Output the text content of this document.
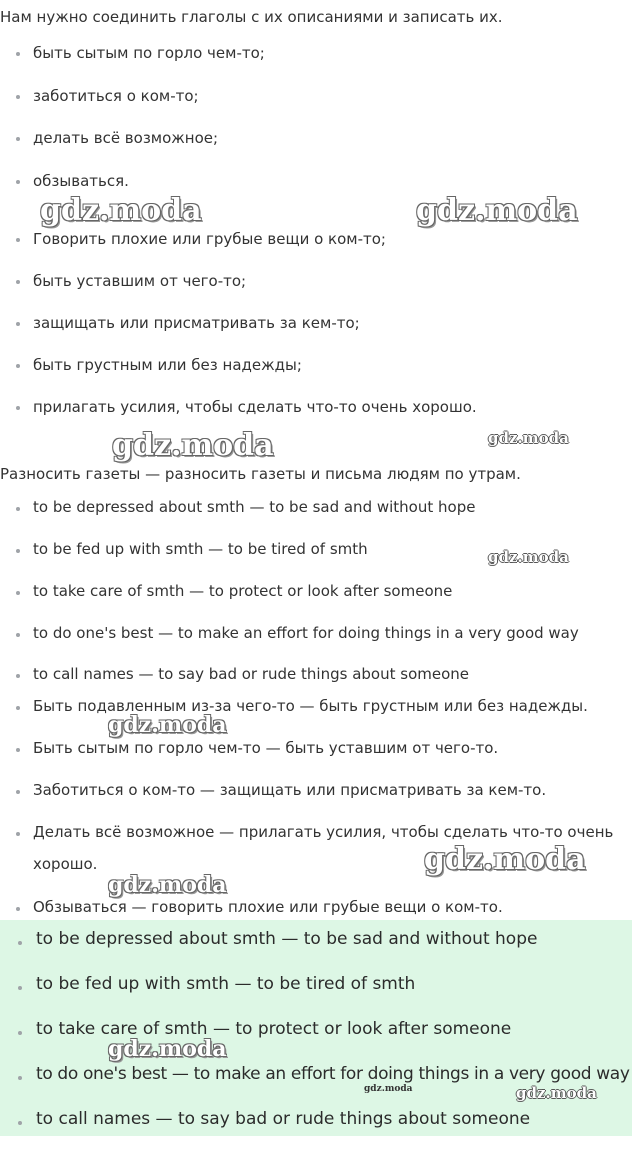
Нам нужно соединить глаголы с их описаниями и записать их.
быть сытым по горло чем-то;
заботиться о ком-то;
делать всё возможное;
обзываться.
Говорить плохие или грубые вещи о ком-то;
быть уставшим от чего-то;
защищать или присматривать за кем-то;
быть грустным или без надежды;
прилагать усилия, чтобы сделать что-то очень хорошо.
Разносить газеты — разносить газеты и письма людям по утрам.
to be depressed about smth — to be sad and without hope
to be fed up with smth — to be tired of smth
to take care of smth — to protect or look after someone
to do one's best — to make an effort for doing things in a very good way
to call names — to say bad or rude things about someone
Быть подавленным из-за чего-то — быть грустным или без надежды.
Быть сытым по горло чем-то — быть уставшим от чего-то.
Заботиться о ком-то — защищать или присматривать за кем-то.
Делать всё возможное — прилагать усилия, чтобы сделать что-то очень
хорошо.
Обзываться — говорить плохие или грубые вещи о ком-то.
to be depressed about smth — to be sad and without hope
to be fed up with smth — to be tired of smth
to take care of smth — to protect or look after someone
to do one's best — to make an effort for doing things in a very good way
to call names — to say bad or rude things about someone
gdz.moda	gdz.moda
gdz.moda	gdz.moda
gdz.moda
gdz.moda
gdz.moda
gdz.moda
gdz.moda
gdz.moda	gdz.moda
